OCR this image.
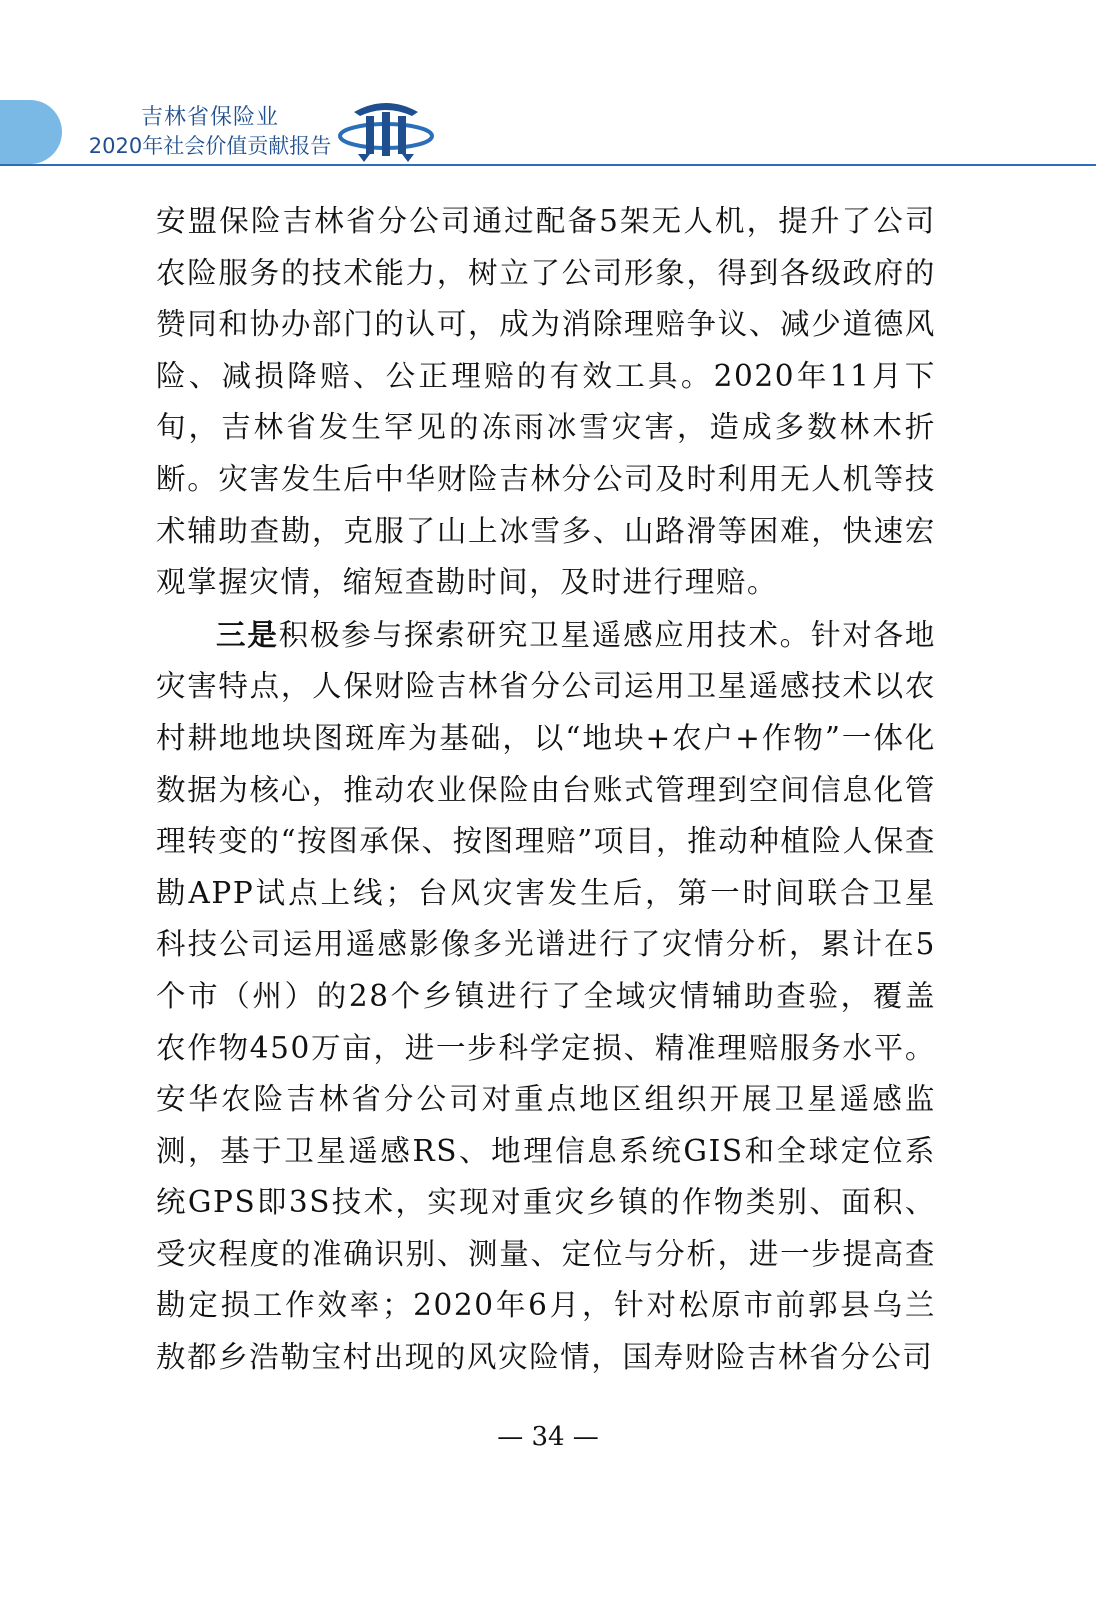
吉林省保险业
2020年社会价值贡献报告

安盟保险吉林省分公司通过配备5架无人机，提升了公司农险服务的技术能力，树立了公司形象，得到各级政府的赞同和协办部门的认可，成为消除理赔争议、减少道德风险、减损降赔、公正理赔的有效工具。2020年11月下旬，吉林省发生罕见的冻雨冰雪灾害，造成多数林木折断。灾害发生后中华财险吉林分公司及时利用无人机等技术辅助查勘，克服了山上冰雪多、山路滑等困难，快速宏观掌握灾情，缩短查勘时间，及时进行理赔。

三是积极参与探索研究卫星遥感应用技术。针对各地灾害特点，人保财险吉林省分公司运用卫星遥感技术以农村耕地地块图斑库为基础，以“地块+农户+作物”一体化数据为核心，推动农业保险由台账式管理到空间信息化管理转变的“按图承保、按图理赔”项目，推动种植险人保查勘APP试点上线；台风灾害发生后，第一时间联合卫星科技公司运用遥感影像多光谱进行了灾情分析，累计在5个市（州）的28个乡镇进行了全域灾情辅助查验，覆盖农作物450万亩，进一步科学定损、精准理赔服务水平。安华农险吉林省分公司对重点地区组织开展卫星遥感监测，基于卫星遥感RS、地理信息系统GIS和全球定位系统GPS即3S技术，实现对重灾乡镇的作物类别、面积、受灾程度的准确识别、测量、定位与分析，进一步提高查勘定损工作效率；2020年6月，针对松原市前郭县乌兰敖都乡浩勒宝村出现的风灾险情，国寿财险吉林省分公司

— 34 —
